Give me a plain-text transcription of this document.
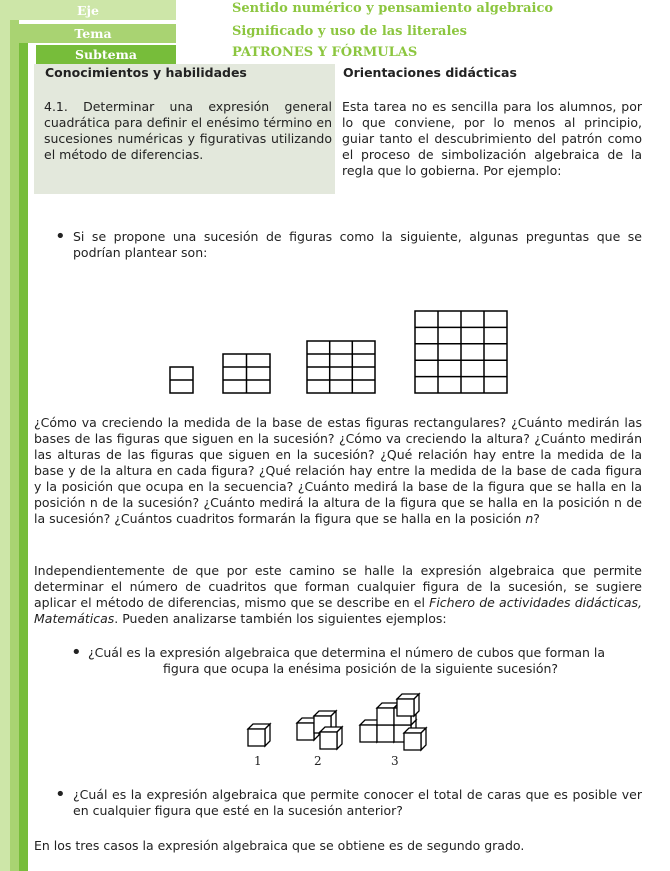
Eje
Tema
Subtema
Sentido numérico y pensamiento algebraico
Significado y uso de las literales
PATRONES Y FÓRMULAS
Conocimientos y habilidades
4.1. Determinar una expresión general cuadrática para definir el enésimo término en sucesiones numéricas y figurativas utilizando el método de diferencias.
Orientaciones didácticas
Esta tarea no es sencilla para los alumnos, por lo que conviene, por lo menos al principio, guiar tanto el descubrimiento del patrón como el proceso de simbolización algebraica de la regla que lo gobierna. Por ejemplo:
• Si se propone una sucesión de figuras como la siguiente, algunas preguntas que se podrían plantear son:
¿Cómo va creciendo la medida de la base de estas figuras rectangulares? ¿Cuánto medirán las bases de las figuras que siguen en la sucesión? ¿Cómo va creciendo la altura? ¿Cuánto medirán las alturas de las figuras que siguen en la sucesión? ¿Qué relación hay entre la medida de la base y de la altura en cada figura? ¿Qué relación hay entre la medida de la base de cada figura y la posición que ocupa en la secuencia? ¿Cuánto medirá la base de la figura que se halla en la posición n de la sucesión? ¿Cuánto medirá la altura de la figura que se halla en la posición n de la sucesión? ¿Cuántos cuadritos formarán la figura que se halla en la posición n?
Independientemente de que por este camino se halle la expresión algebraica que permite determinar el número de cuadritos que forman cualquier figura de la sucesión, se sugiere aplicar el método de diferencias, mismo que se describe en el Fichero de actividades didácticas, Matemáticas. Pueden analizarse también los siguientes ejemplos:
• ¿Cuál es la expresión algebraica que determina el número de cubos que forman la
figura que ocupa la enésima posición de la siguiente sucesión?
1	2	3
• ¿Cuál es la expresión algebraica que permite conocer el total de caras que es posible ver en cualquier figura que esté en la sucesión anterior?
En los tres casos la expresión algebraica que se obtiene es de segundo grado.
